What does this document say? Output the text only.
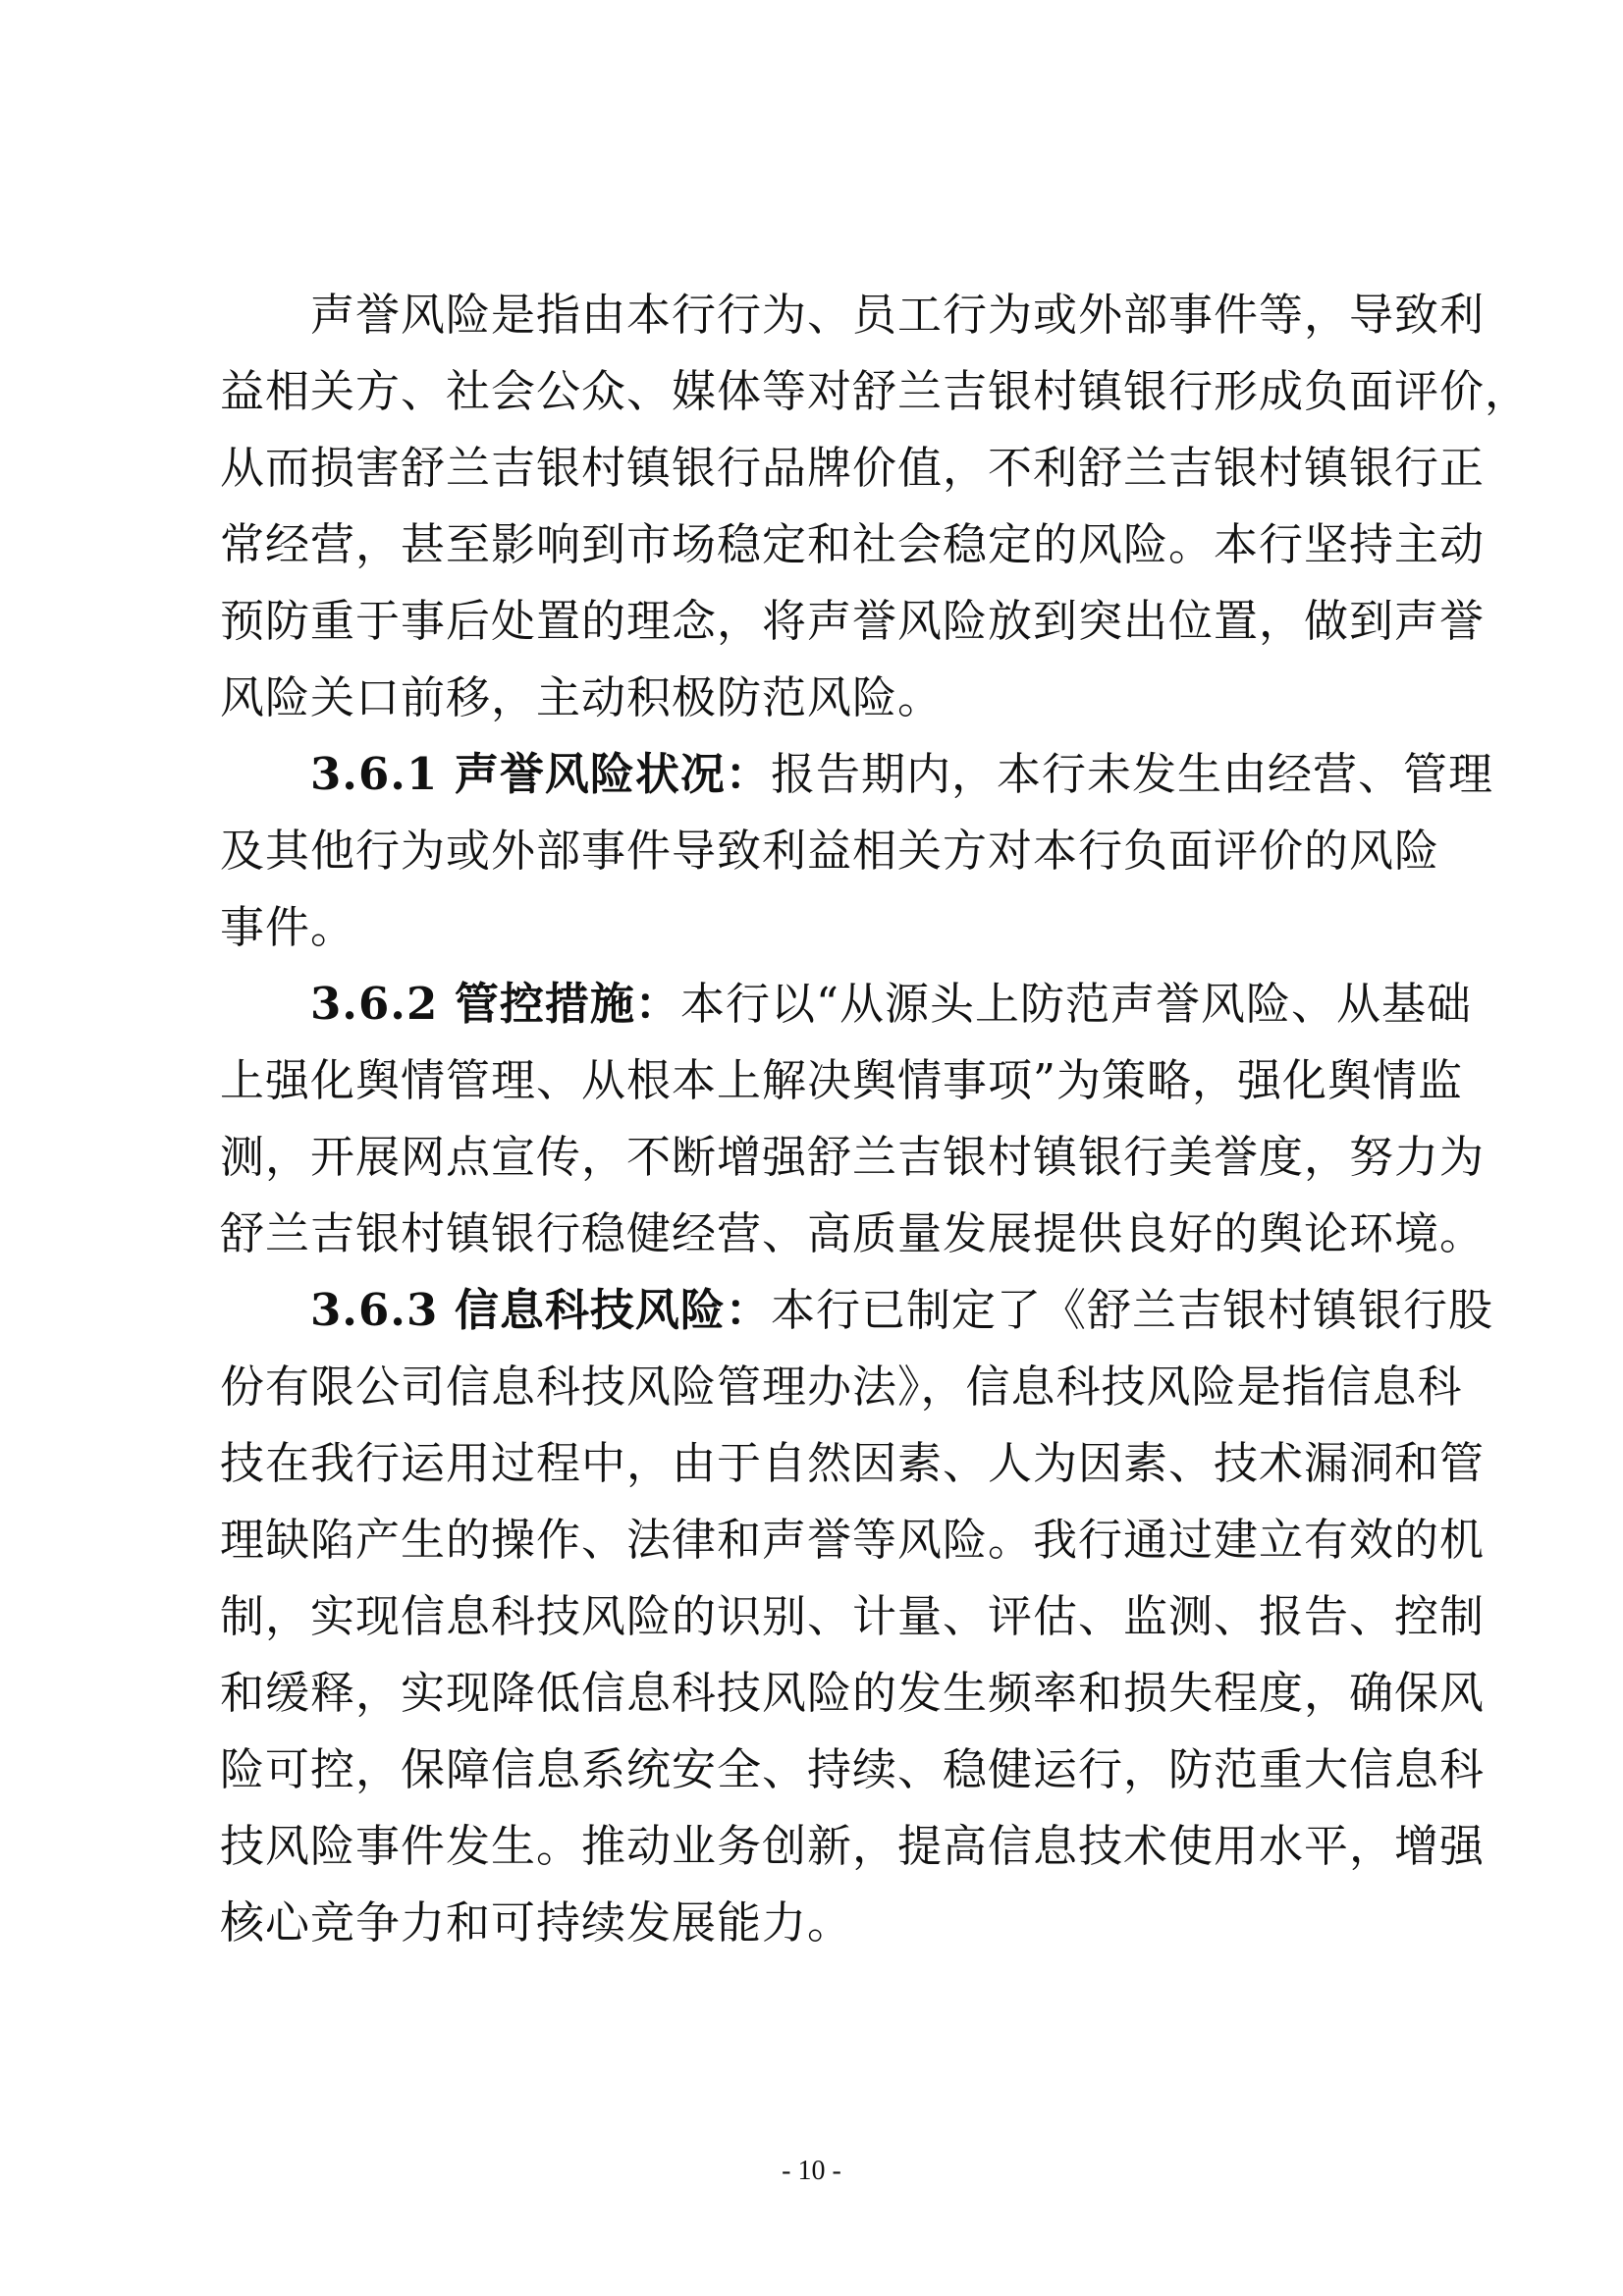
声誉风险是指由本行行为、员工行为或外部事件等，导致利
益相关方、社会公众、媒体等对舒兰吉银村镇银行形成负面评价，
从而损害舒兰吉银村镇银行品牌价值，不利舒兰吉银村镇银行正
常经营，甚至影响到市场稳定和社会稳定的风险。本行坚持主动
预防重于事后处置的理念，将声誉风险放到突出位置，做到声誉
风险关口前移，主动积极防范风险。
3.6.1 声誉风险状况：报告期内，本行未发生由经营、管理
及其他行为或外部事件导致利益相关方对本行负面评价的风险
事件。
3.6.2 管控措施：本行以“从源头上防范声誉风险、从基础
上强化舆情管理、从根本上解决舆情事项”为策略，强化舆情监
测，开展网点宣传，不断增强舒兰吉银村镇银行美誉度，努力为
舒兰吉银村镇银行稳健经营、高质量发展提供良好的舆论环境。
3.6.3 信息科技风险：本行已制定了《舒兰吉银村镇银行股
份有限公司信息科技风险管理办法》，信息科技风险是指信息科
技在我行运用过程中，由于自然因素、人为因素、技术漏洞和管
理缺陷产生的操作、法律和声誉等风险。我行通过建立有效的机
制，实现信息科技风险的识别、计量、评估、监测、报告、控制
和缓释，实现降低信息科技风险的发生频率和损失程度，确保风
险可控，保障信息系统安全、持续、稳健运行，防范重大信息科
技风险事件发生。推动业务创新，提高信息技术使用水平，增强
核心竞争力和可持续发展能力。
- 10 -
